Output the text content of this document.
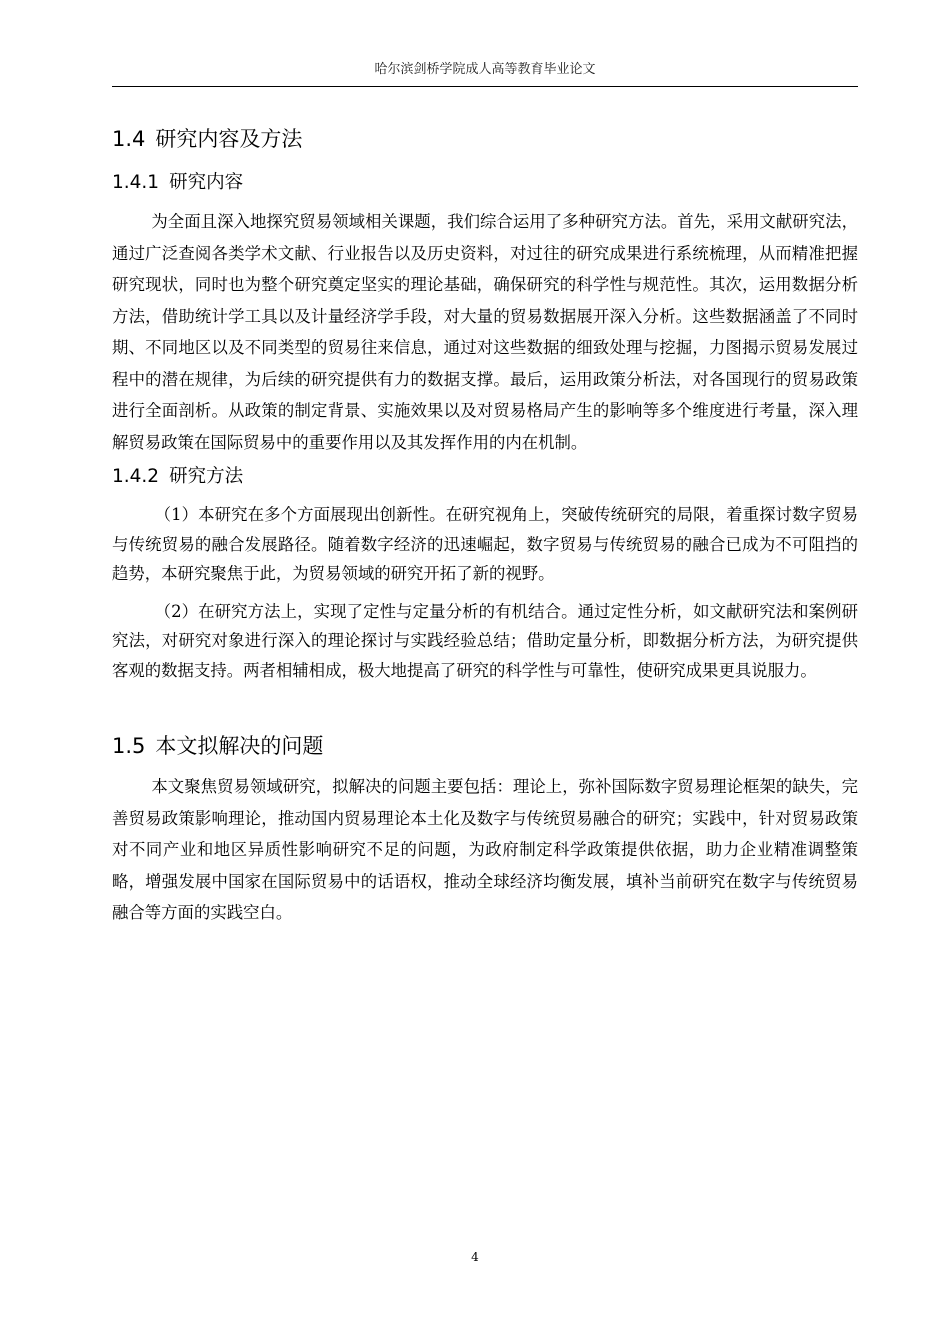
哈尔滨剑桥学院成人高等教育毕业论文
1.4 研究内容及方法
1.4.1 研究内容

为全面且深入地探究贸易领域相关课题，我们综合运用了多种研究方法。首先，采用文献研究法，通过广泛查阅各类学术文献、行业报告以及历史资料，对过往的研究成果进行系统梳理，从而精准把握研究现状，同时也为整个研究奠定坚实的理论基础，确保研究的科学性与规范性。其次，运用数据分析方法，借助统计学工具以及计量经济学手段，对大量的贸易数据展开深入分析。这些数据涵盖了不同时期、不同地区以及不同类型的贸易往来信息，通过对这些数据的细致处理与挖掘，力图揭示贸易发展过程中的潜在规律，为后续的研究提供有力的数据支撑。最后，运用政策分析法，对各国现行的贸易政策进行全面剖析。从政策的制定背景、实施效果以及对贸易格局产生的影响等多个维度进行考量，深入理解贸易政策在国际贸易中的重要作用以及其发挥作用的内在机制。

1.4.2 研究方法

（1）本研究在多个方面展现出创新性。在研究视角上，突破传统研究的局限，着重探讨数字贸易与传统贸易的融合发展路径。随着数字经济的迅速崛起，数字贸易与传统贸易的融合已成为不可阻挡的趋势，本研究聚焦于此，为贸易领域的研究开拓了新的视野。

（2）在研究方法上，实现了定性与定量分析的有机结合。通过定性分析，如文献研究法和案例研究法，对研究对象进行深入的理论探讨与实践经验总结；借助定量分析，即数据分析方法，为研究提供客观的数据支持。两者相辅相成，极大地提高了研究的科学性与可靠性，使研究成果更具说服力。

1.5 本文拟解决的问题

本文聚焦贸易领域研究，拟解决的问题主要包括：理论上，弥补国际数字贸易理论框架的缺失，完善贸易政策影响理论，推动国内贸易理论本土化及数字与传统贸易融合的研究；实践中，针对贸易政策对不同产业和地区异质性影响研究不足的问题，为政府制定科学政策提供依据，助力企业精准调整策略，增强发展中国家在国际贸易中的话语权，推动全球经济均衡发展，填补当前研究在数字与传统贸易融合等方面的实践空白。

4
